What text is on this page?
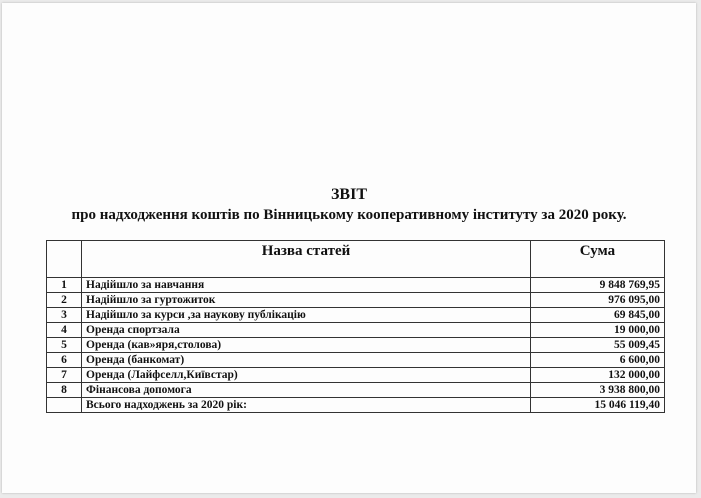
ЗВІТ
про надходження коштів по Вінницькому кооперативному інституту за 2020 року.
	Назва статей	Сума
1	Надійшло за навчання	9 848 769,95
2	Надійшло за гуртожиток	976 095,00
3	Надійшло за курси ,за наукову публікацію	69 845,00
4	Оренда спортзала	19 000,00
5	Оренда (кав»яря,столова)	55 009,45
6	Оренда (банкомат)	6 600,00
7	Оренда (Лайфселл,Київстар)	132 000,00
8	Фінансова допомога	3 938 800,00
	Всього надходжень за 2020 рік:	15 046 119,40
